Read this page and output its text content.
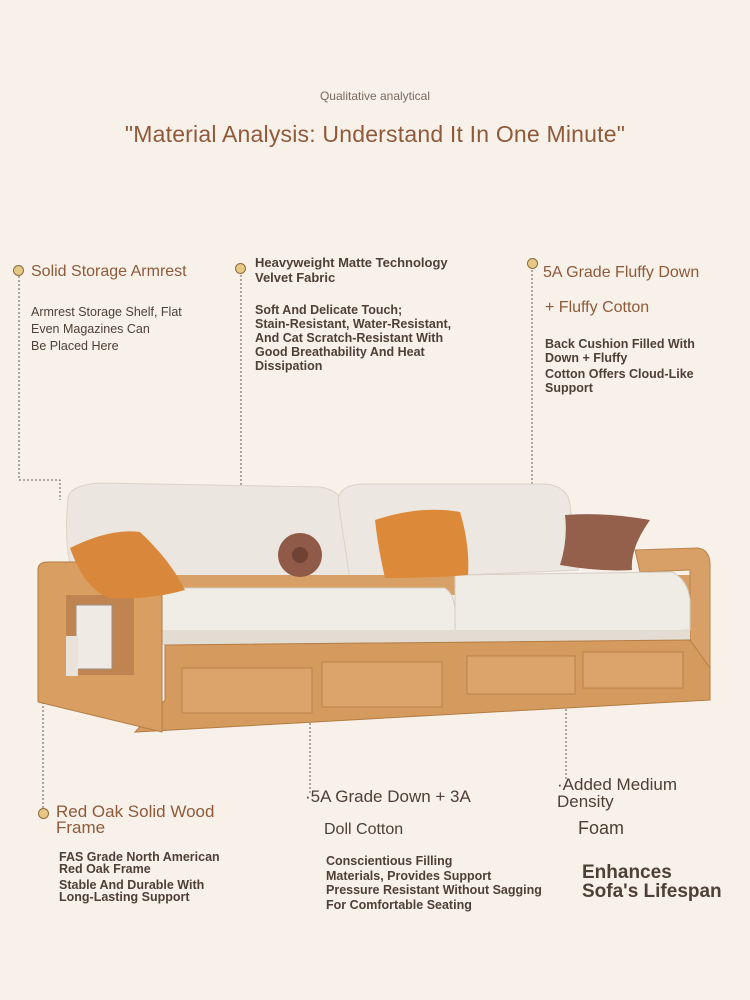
Qualitative analytical
"Material Analysis: Understand It In One Minute"
Solid Storage Armrest
Armrest Storage Shelf, Flat
Even Magazines Can
Be Placed Here
Heavyweight Matte Technology
Velvet Fabric
Soft And Delicate Touch;
Stain-Resistant, Water-Resistant,
And Cat Scratch-Resistant With
Good Breathability And Heat
Dissipation
5A Grade Fluffy Down
+ Fluffy Cotton
Back Cushion Filled With
Down + Fluffy
Cotton Offers Cloud-Like
Support
Red Oak Solid Wood
Frame
FAS Grade North American
Red Oak Frame
Stable And Durable With
Long-Lasting Support
·5A Grade Down + 3A
Doll Cotton
Conscientious Filling
Materials, Provides Support
Pressure Resistant Without Sagging
For Comfortable Seating
·Added Medium
Density
Foam
Enhances
Sofa's Lifespan
